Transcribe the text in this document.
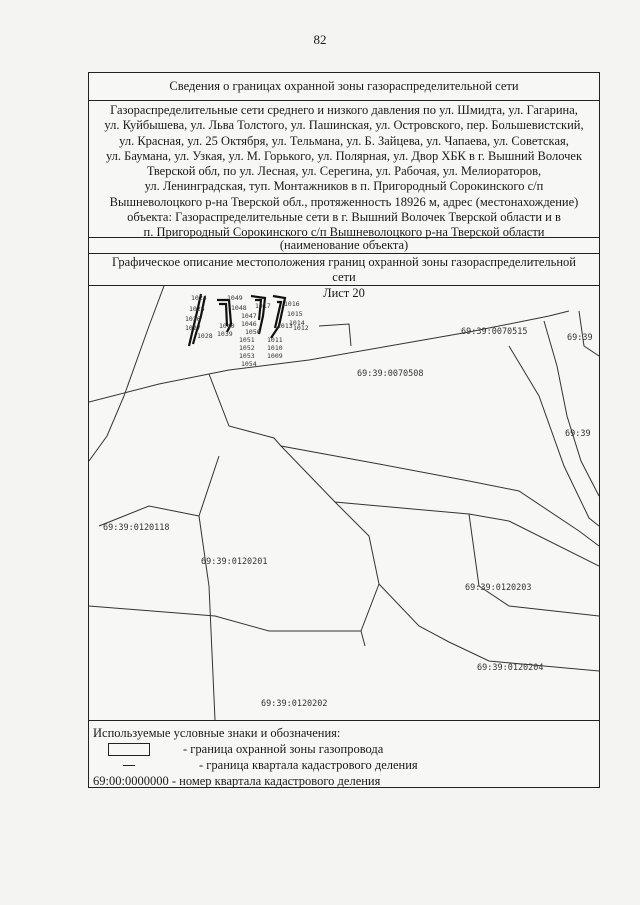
82
Сведения о границах охранной зоны газораспределительной сети
Газораспределительные сети среднего и низкого давления по ул. Шмидта, ул. Гагарина,
ул. Куйбышева, ул. Льва Толстого, ул. Пашинская, ул. Островского, пер. Большевистский,
ул. Красная, ул. 25 Октября, ул. Тельмана, ул. Б. Зайцева, ул. Чапаева, ул. Советская,
ул. Баумана, ул. Узкая, ул. М. Горького, ул. Полярная, ул. Двор ХБК в г. Вышний Волочек
Тверской обл, по ул. Лесная, ул. Серегина, ул. Рабочая, ул. Мелиораторов,
ул. Ленинградская, туп. Монтажников в п. Пригородный Сорокинского с/п
Вышневолоцкого р-на Тверской обл., протяженность 18926 м, адрес (местонахождение)
объекта: Газораспределительные сети в г. Вышний Волочек Тверской области и в
п. Пригородный Сорокинского с/п Вышневолоцкого р-на Тверской области
(наименование объекта)
Графическое описание местоположения границ охранной зоны газораспределительной
сети
1024
1025
1026
1027
1028
1049
1017 1016
1015
1014
1048
1047
1046
1050
1013 1012
1051
1052
1053
1054
1010
1009
1011
1040
1039	69:39:0070515
69:39
69:39:0070508
69:39
69:39:0120118
69:39:0120201
69:39:0120203
69:39:0120204
69:39:0120202
Лист 20
Используемые условные знаки и обозначения:
-
граница охранной зоны газопровода
-
граница квартала кадастрового деления
69:00:0000000
-
номер квартала кадастрового деления
